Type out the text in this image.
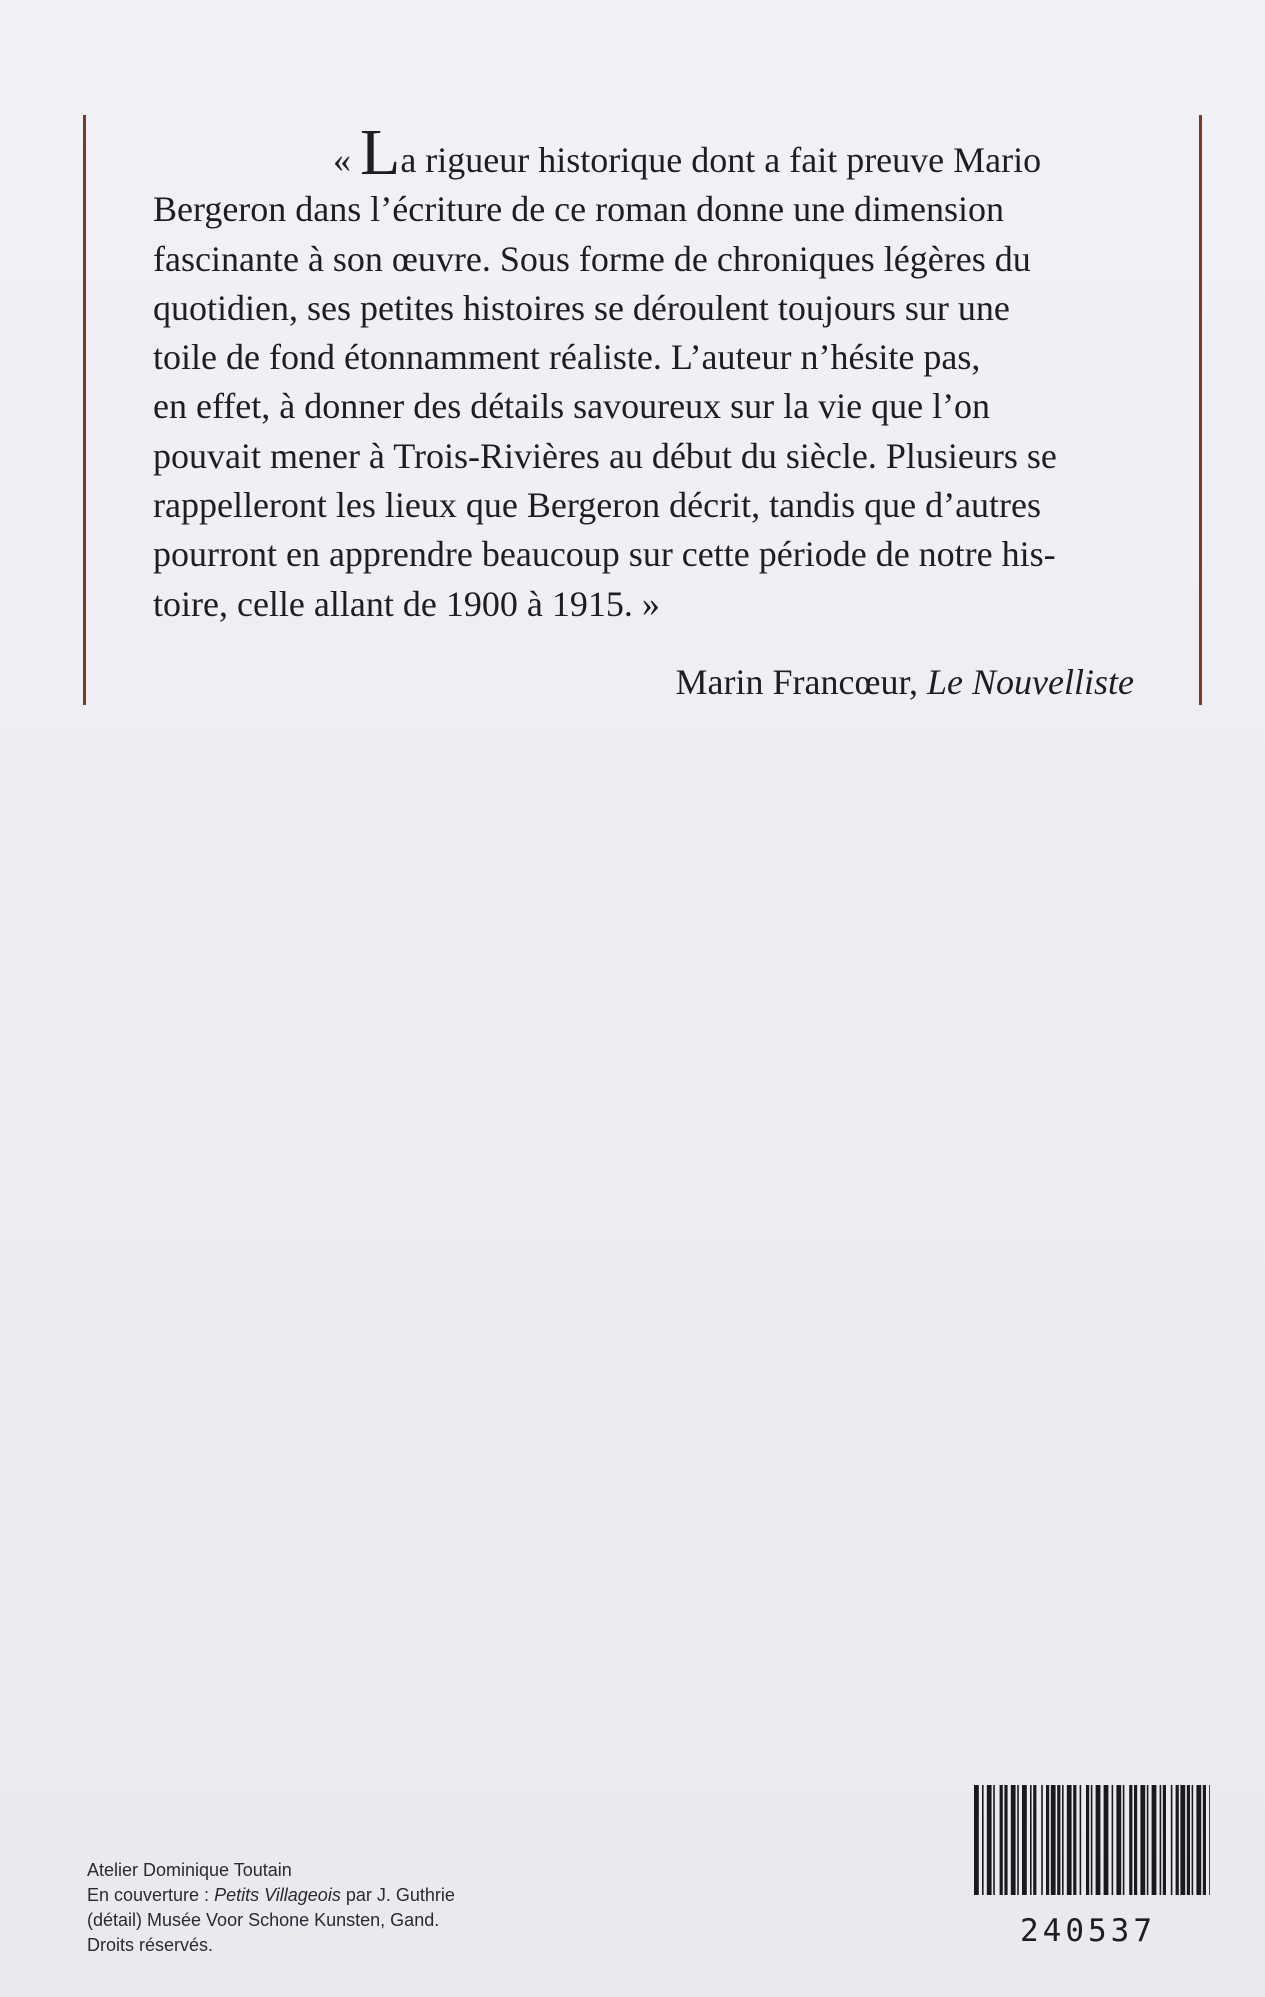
« La rigueur historique dont a fait preuve Mario
Bergeron dans l’écriture de ce roman donne une dimension
fascinante à son œuvre. Sous forme de chroniques légères du
quotidien, ses petites histoires se déroulent toujours sur une
toile de fond étonnamment réaliste. L’auteur n’hésite pas,
en effet, à donner des détails savoureux sur la vie que l’on
pouvait mener à Trois-Rivières au début du siècle. Plusieurs se
rappelleront les lieux que Bergeron décrit, tandis que d’autres
pourront en apprendre beaucoup sur cette période de notre his-
toire, celle allant de 1900 à 1915. »
Marin Francœur, Le Nouvelliste
Atelier Dominique Toutain
En couverture : Petits Villageois par J. Guthrie
(détail) Musée Voor Schone Kunsten, Gand.
Droits réservés.	240537
